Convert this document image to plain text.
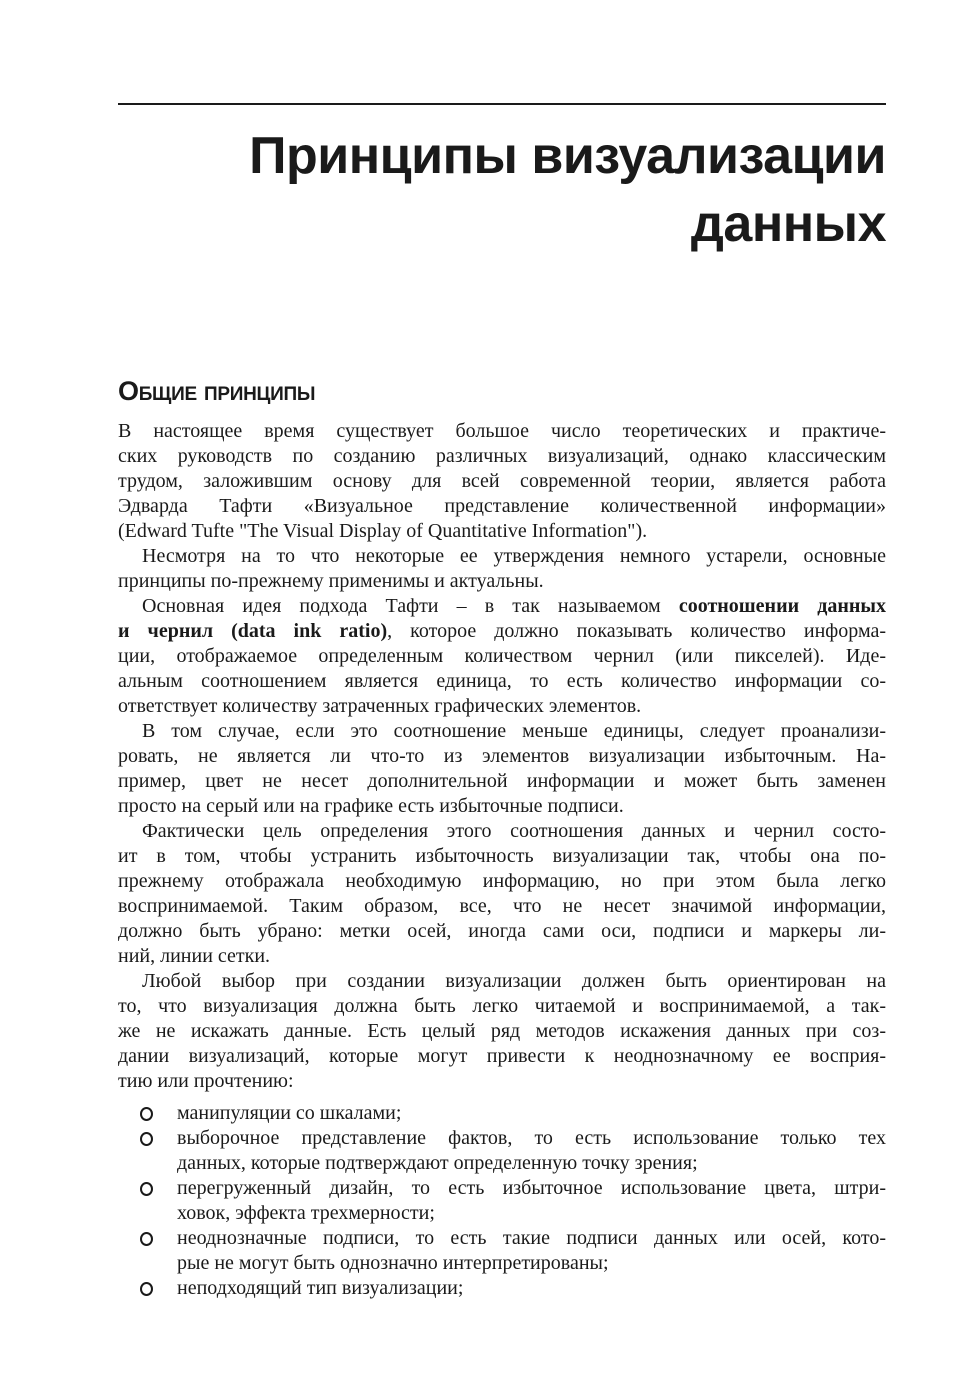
Принципы визуализации
данных
Общие принципы
В настоящее время существует большое число теоретических и практиче-
ских руководств по созданию различных визуализаций, однако классическим
трудом, заложившим основу для всей современной теории, является работа
Эдварда Тафти «Визуальное представление количественной информации»
(Edward Tufte "The Visual Display of Quantitative Information").
Несмотря на то что некоторые ее утверждения немного устарели, основные
принципы по-прежнему применимы и актуальны.
Основная идея подхода Тафти – в так называемом соотношении данных
и чернил (data ink ratio), которое должно показывать количество информа-
ции, отображаемое определенным количеством чернил (или пикселей). Иде-
альным соотношением является единица, то есть количество информации со-
ответствует количеству затраченных графических элементов.
В том случае, если это соотношение меньше единицы, следует проанализи-
ровать, не является ли что-то из элементов визуализации избыточным. На-
пример, цвет не несет дополнительной информации и может быть заменен
просто на серый или на графике есть избыточные подписи.
Фактически цель определения этого соотношения данных и чернил состо-
ит в том, чтобы устранить избыточность визуализации так, чтобы она по-
прежнему отображала необходимую информацию, но при этом была легко
воспринимаемой. Таким образом, все, что не несет значимой информации,
должно быть убрано: метки осей, иногда сами оси, подписи и маркеры ли-
ний, линии сетки.
Любой выбор при создании визуализации должен быть ориентирован на
то, что визуализация должна быть легко читаемой и воспринимаемой, а так-
же не искажать данные. Есть целый ряд методов искажения данных при соз-
дании визуализаций, которые могут привести к неоднозначному ее восприя-
тию или прочтению:
манипуляции со шкалами;
выборочное представление фактов, то есть использование только тех
данных, которые подтверждают определенную точку зрения;
перегруженный дизайн, то есть избыточное использование цвета, штри-
ховок, эффекта трехмерности;
неоднозначные подписи, то есть такие подписи данных или осей, кото-
рые не могут быть однозначно интерпретированы;
неподходящий тип визуализации;
